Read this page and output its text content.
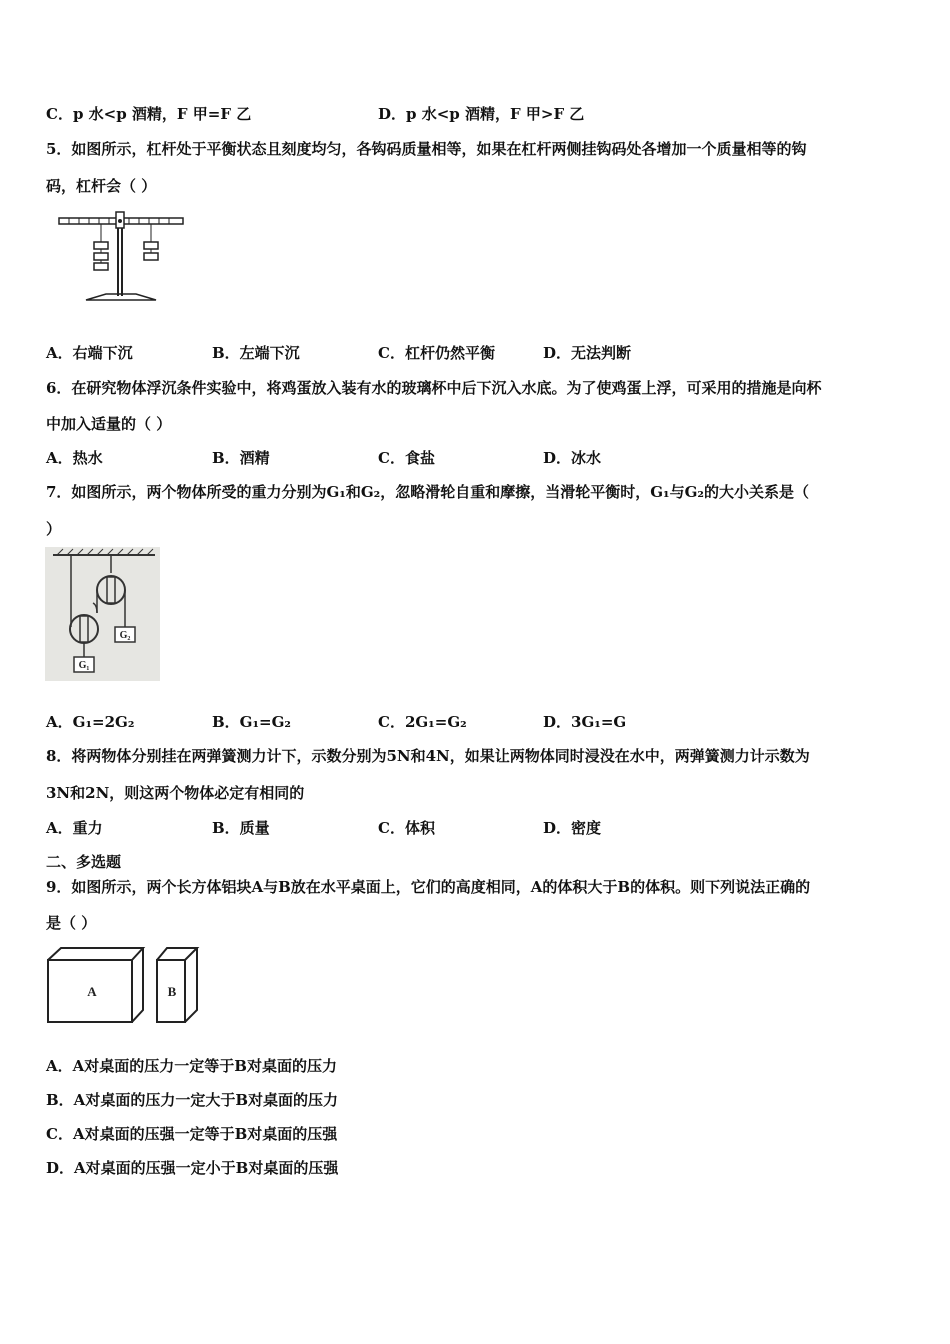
C．p 水<p 酒精，F 甲=F 乙	D．p 水<p 酒精，F 甲>F 乙
5．如图所示，杠杆处于平衡状态且刻度均匀，各钩码质量相等，如果在杠杆两侧挂钩码处各增加一个质量相等的钩
码，杠杆会（ ）
A．右端下沉	B．左端下沉	C．杠杆仍然平衡	D．无法判断
6．在研究物体浮沉条件实验中，将鸡蛋放入装有水的玻璃杯中后下沉入水底。为了使鸡蛋上浮，可采用的措施是向杯
中加入适量的（ ）
A．热水	B．酒精	C．食盐	D．冰水
7．如图所示，两个物体所受的重力分别为G₁和G₂，忽略滑轮自重和摩擦，当滑轮平衡时，G₁与G₂的大小关系是（
）
G₂
G₁
A．G₁=2G₂	B．G₁=G₂	C．2G₁=G₂	D．3G₁=G
8．将两物体分别挂在两弹簧测力计下，示数分别为5N和4N，如果让两物体同时浸没在水中，两弹簧测力计示数为
3N和2N，则这两个物体必定有相同的
A．重力	B．质量	C．体积	D．密度
二、多选题
9．如图所示，两个长方体铝块A与B放在水平桌面上，它们的高度相同，A的体积大于B的体积。则下列说法正确的
是（ ）
A	B
A．A对桌面的压力一定等于B对桌面的压力
B．A对桌面的压力一定大于B对桌面的压力
C．A对桌面的压强一定等于B对桌面的压强
D．A对桌面的压强一定小于B对桌面的压强
